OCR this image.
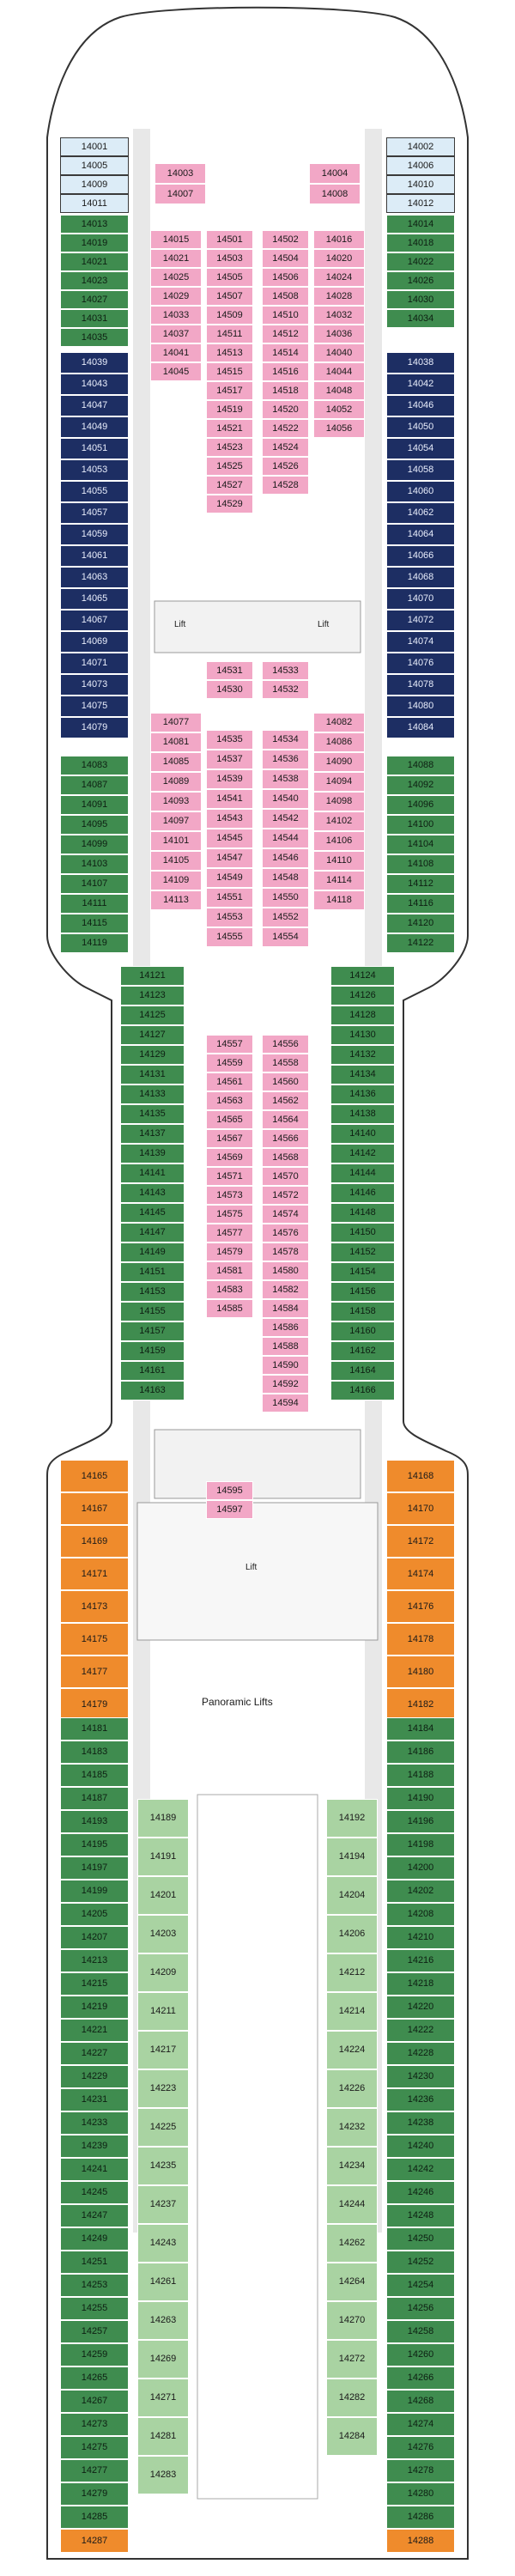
Panoramic Lifts
Lift	Lift
Lift
14001
14005
14009
14011
14002
14006
14010
14012
14003
14007
14004
14008
14013
14019
14021
14023
14027
14031
14035
14014
14018
14022
14026
14030
14034
14039
14043
14047
14049
14051
14053
14055
14057
14059
14061
14063
14065
14067
14069
14071
14073
14075
14079
14038
14042
14046
14050
14054
14058
14060
14062
14064
14066
14068
14070
14072
14074
14076
14078
14080
14084
14015
14021
14025
14029
14033
14037
14041
14045
14501
14503
14505
14507
14509
14511
14513
14515
14517
14519
14521
14523
14525
14527
14529
14502
14504
14506
14508
14510
14512
14514
14516
14518
14520
14522
14524
14526
14528
14016
14020
14024
14028
14032
14036
14040
14044
14048
14052
14056
14531	14533
14530	14532
14083
14087
14091
14095
14099
14103
14107
14111
14115
14119
14088
14092
14096
14100
14104
14108
14112
14116
14120
14122
14077
14081
14085
14089
14093
14097
14101
14105
14109
14113
14535
14537
14539
14541
14543
14545
14547
14549
14551
14553
14555
14534
14536
14538
14540
14542
14544
14546
14548
14550
14552
14554
14082
14086
14090
14094
14098
14102
14106
14110
14114
14118
14121
14123
14125
14127
14129
14131
14133
14135
14137
14139
14141
14143
14145
14147
14149
14151
14153
14155
14157
14159
14161
14163
14124
14126
14128
14130
14132
14134
14136
14138
14140
14142
14144
14146
14148
14150
14152
14154
14156
14158
14160
14162
14164
14166
14557
14559
14561
14563
14565
14567
14569
14571
14573
14575
14577
14579
14581
14583
14585
14556
14558
14560
14562
14564
14566
14568
14570
14572
14574
14576
14578
14580
14582
14584
14586
14588
14590
14592
14594
14595
14597
14165
14167
14169
14171
14173
14175
14177
14179
14168
14170
14172
14174
14176
14178
14180
14182
14181
14183
14185
14187
14193
14195
14197
14199
14205
14207
14213
14215
14219
14221
14227
14229
14231
14233
14239
14241
14245
14247
14249
14251
14253
14255
14257
14259
14265
14267
14273
14275
14277
14279
14285
14184
14186
14188
14190
14196
14198
14200
14202
14208
14210
14216
14218
14220
14222
14228
14230
14236
14238
14240
14242
14246
14248
14250
14252
14254
14256
14258
14260
14266
14268
14274
14276
14278
14280
14286
14189
14191
14201
14203
14209
14211
14217
14223
14225
14235
14237
14243
14261
14263
14269
14271
14281
14283
14192
14194
14204
14206
14212
14214
14224
14226
14232
14234
14244
14262
14264
14270
14272
14282
14284
14287	14288
